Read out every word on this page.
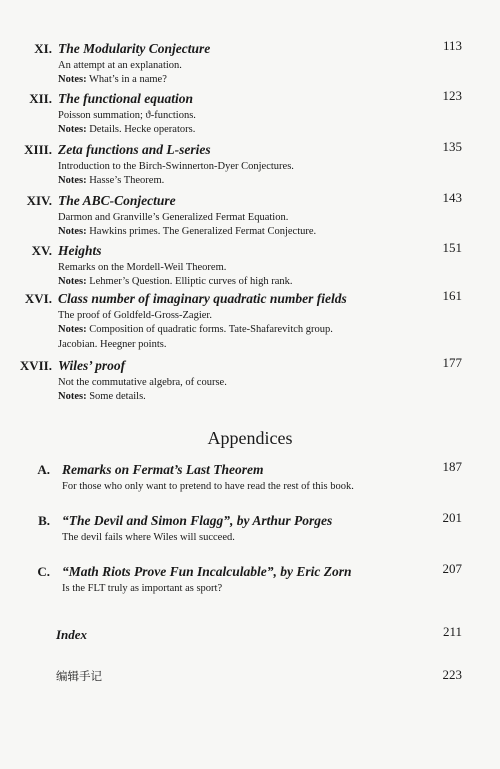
XI. The Modularity Conjecture	113
An attempt at an explanation.
Notes: What’s in a name?
XII. The functional equation	123
Poisson summation; ϑ-functions.
Notes: Details. Hecke operators.
XIII. Zeta functions and L-series	135
Introduction to the Birch-Swinnerton-Dyer Conjectures.
Notes: Hasse’s Theorem.
XIV. The ABC-Conjecture	143
Darmon and Granville’s Generalized Fermat Equation.
Notes: Hawkins primes. The Generalized Fermat Conjecture.
XV. Heights	151
Remarks on the Mordell-Weil Theorem.
Notes: Lehmer’s Question. Elliptic curves of high rank.
XVI. Class number of imaginary quadratic number fields	161
The proof of Goldfeld-Gross-Zagier.
Notes: Composition of quadratic forms. Tate-Shafarevitch group.
Jacobian. Heegner points.
XVII. Wiles’ proof	177
Not the commutative algebra, of course.
Notes: Some details.
Appendices
A. Remarks on Fermat’s Last Theorem	187
For those who only want to pretend to have read the rest of this book.
B. “The Devil and Simon Flagg”, by Arthur Porges	201
The devil fails where Wiles will succeed.
C. “Math Riots Prove Fun Incalculable”, by Eric Zorn	207
Is the FLT truly as important as sport?
Index	211
编辑手记	223
